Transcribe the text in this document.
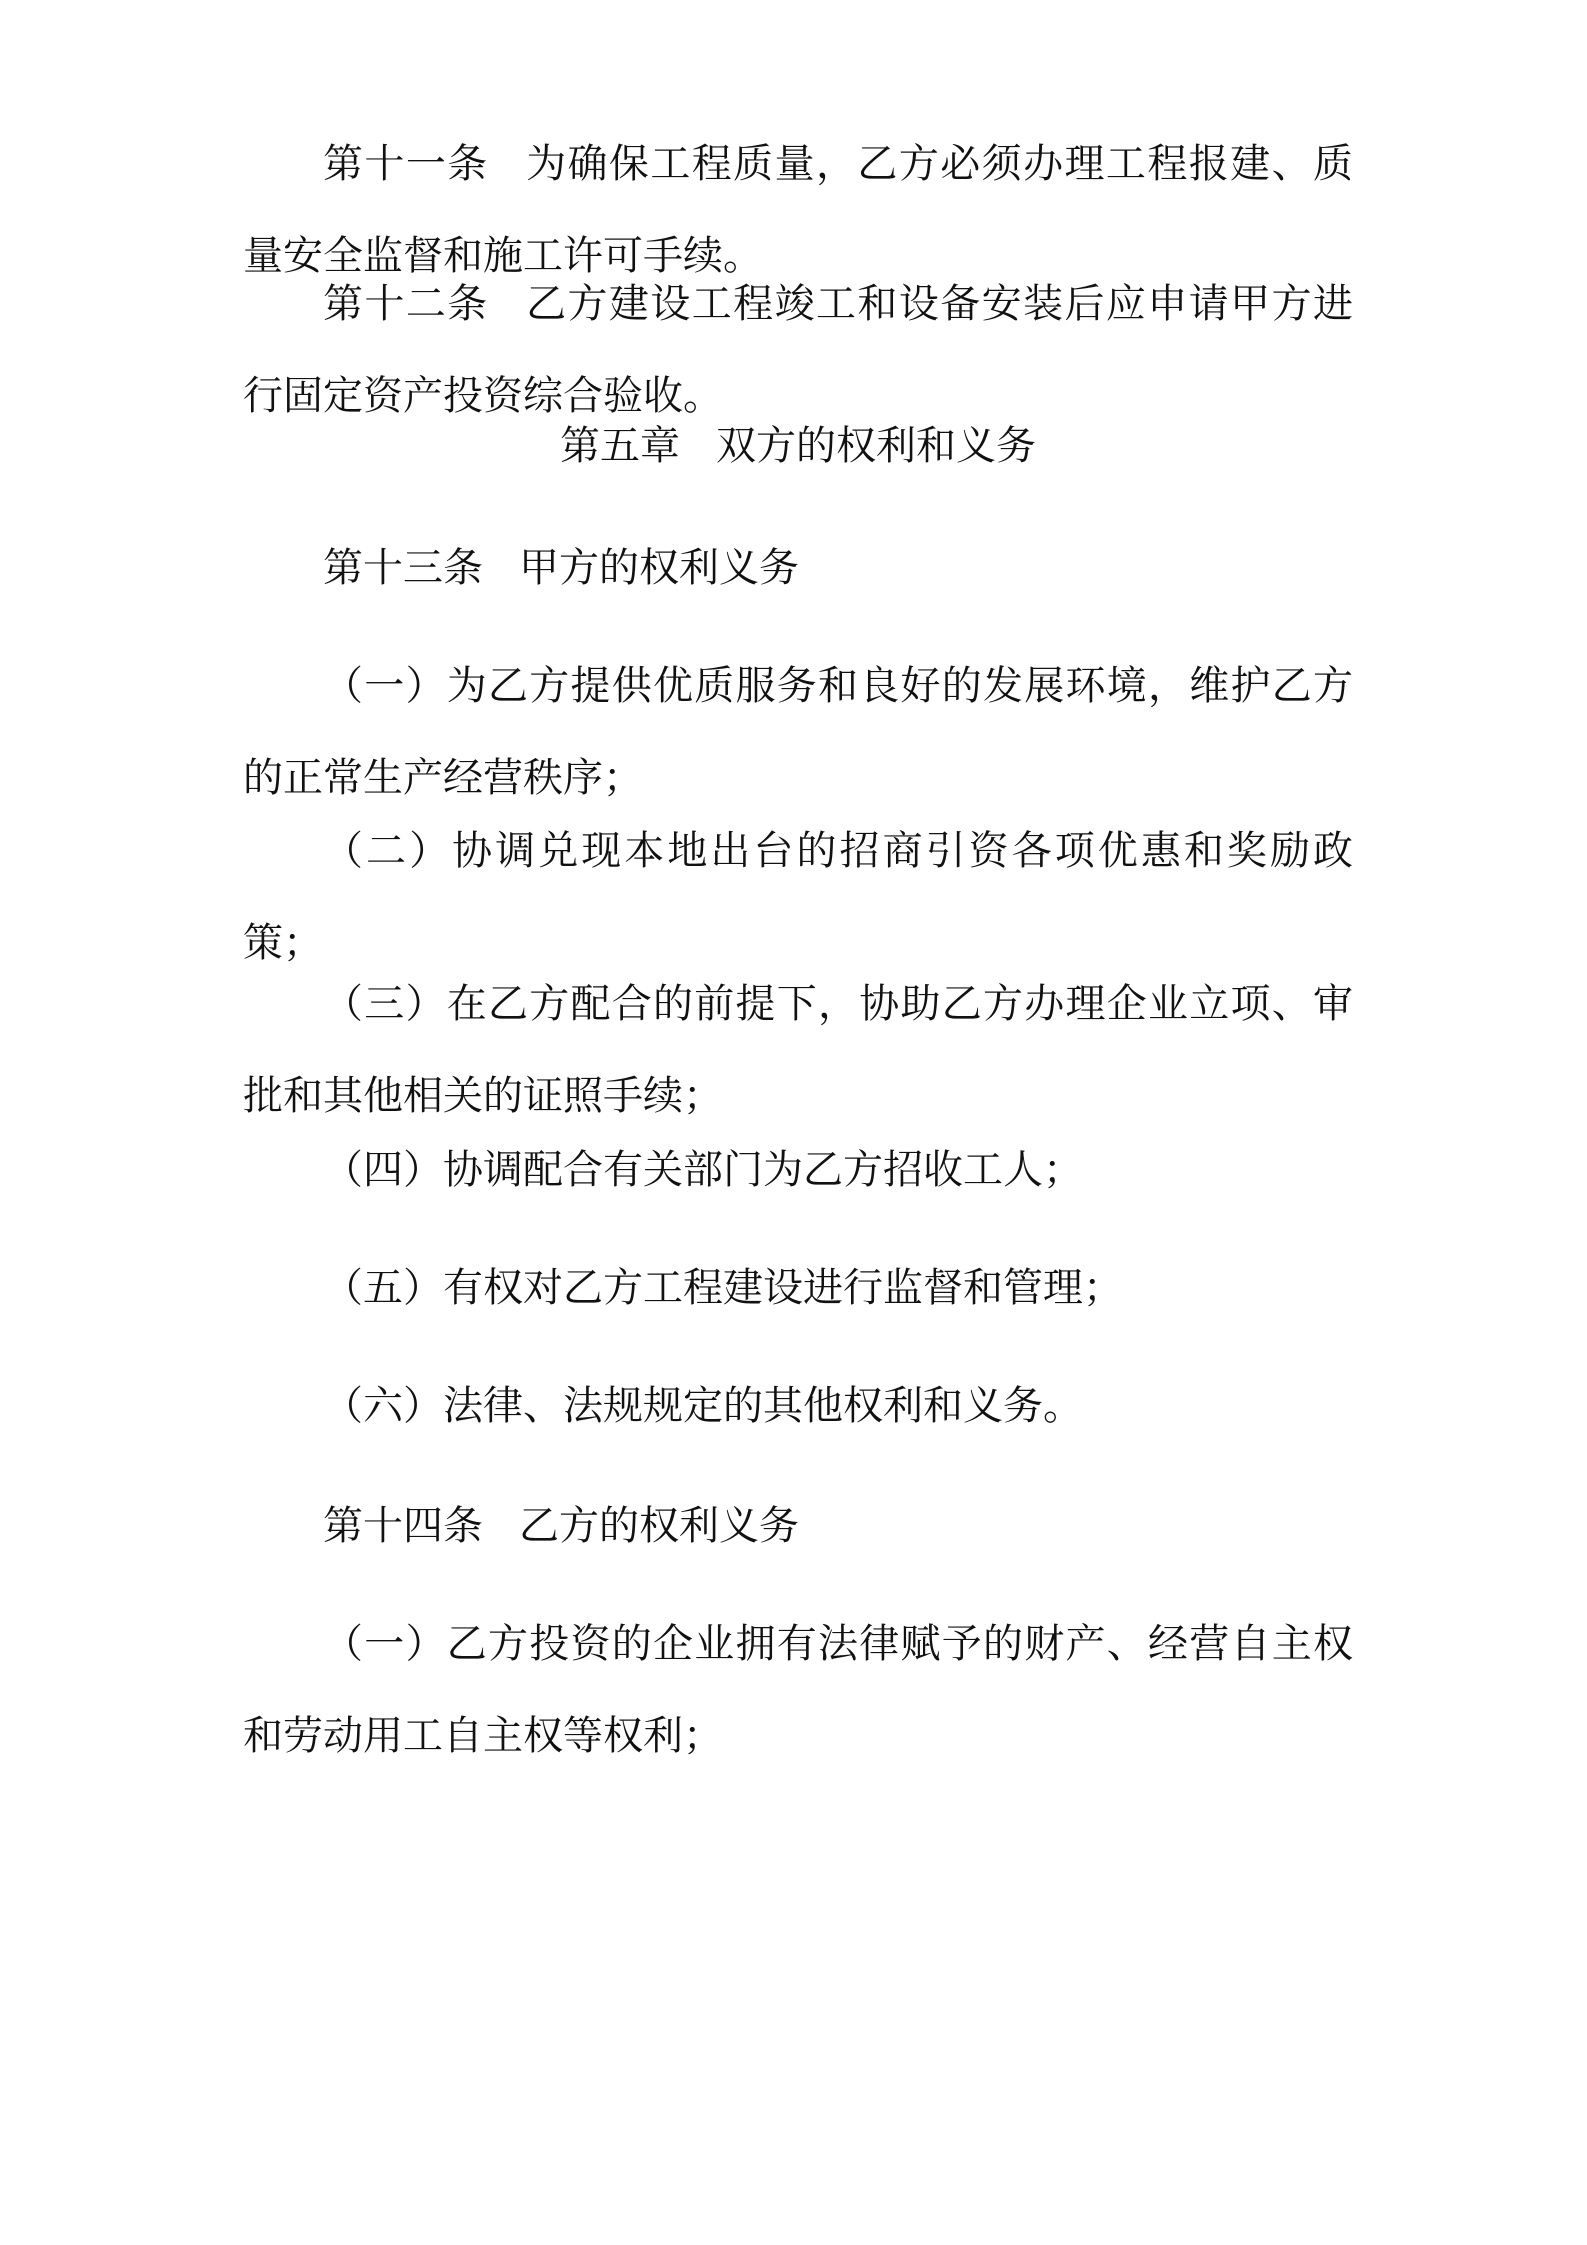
第十一条 为确保工程质量，乙方必须办理工程报建、质量安全监督和施工许可手续。

第十二条 乙方建设工程竣工和设备安装后应申请甲方进行固定资产投资综合验收。

第五章 双方的权利和义务

第十三条 甲方的权利义务

（一）为乙方提供优质服务和良好的发展环境，维护乙方的正常生产经营秩序；

（二）协调兑现本地出台的招商引资各项优惠和奖励政策；

（三）在乙方配合的前提下，协助乙方办理企业立项、审批和其他相关的证照手续；

（四）协调配合有关部门为乙方招收工人；

（五）有权对乙方工程建设进行监督和管理；

（六）法律、法规规定的其他权利和义务。

第十四条 乙方的权利义务

（一）乙方投资的企业拥有法律赋予的财产、经营自主权和劳动用工自主权等权利；
